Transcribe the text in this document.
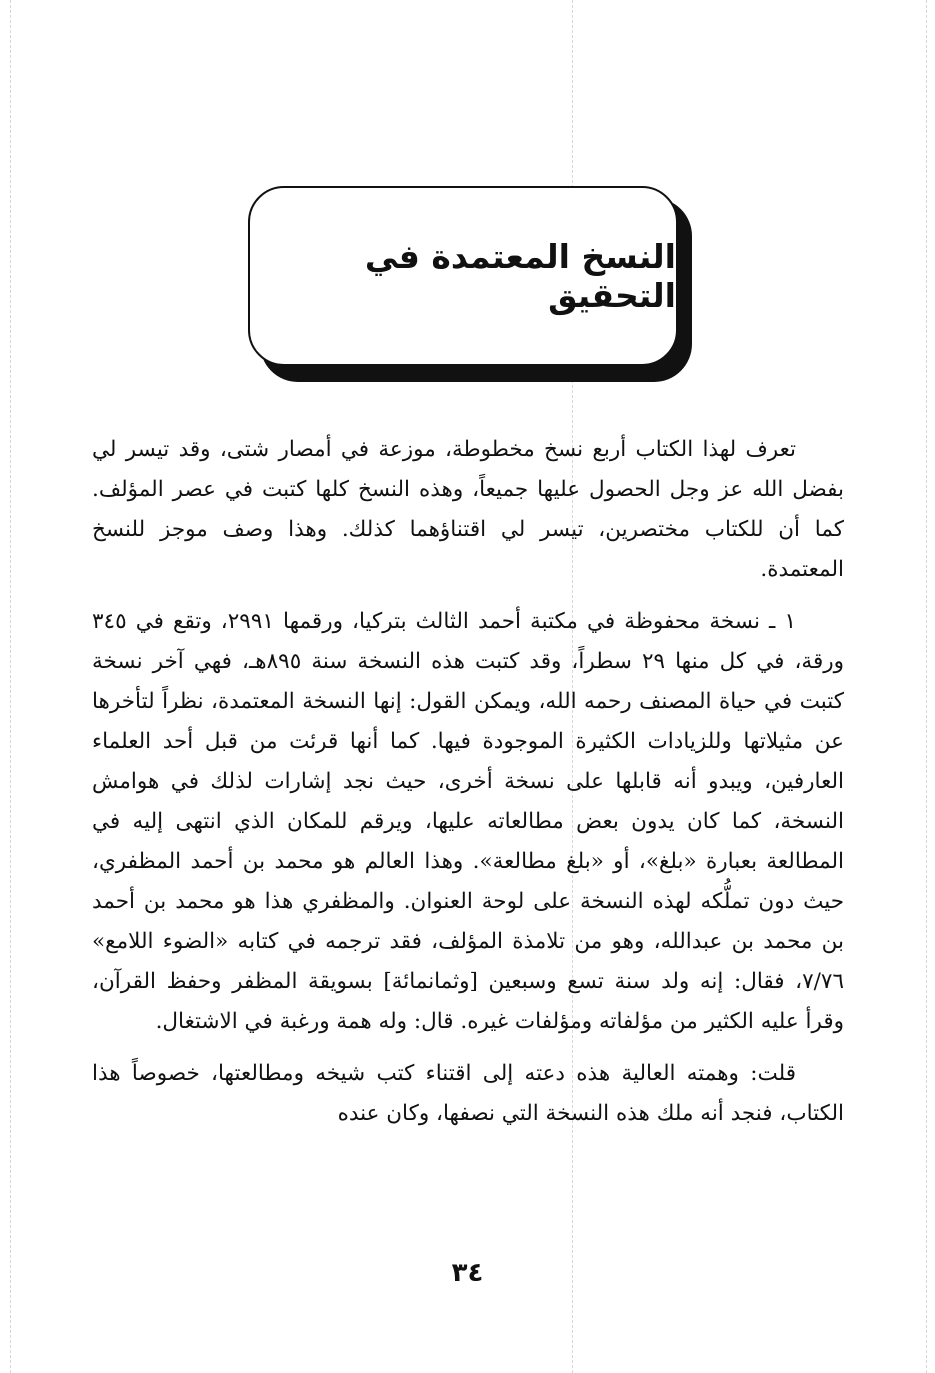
النسخ المعتمدة في التحقيق

تعرف لهذا الكتاب أربع نسخ مخطوطة، موزعة في أمصار شتى، وقد تيسر لي بفضل الله عز وجل الحصول عليها جميعاً، وهذه النسخ كلها كتبت في عصر المؤلف. كما أن للكتاب مختصرين، تيسر لي اقتناؤهما كذلك. وهذا وصف موجز للنسخ المعتمدة.

١ ـ نسخة محفوظة في مكتبة أحمد الثالث بتركيا، ورقمها ٢٩٩١، وتقع في ٣٤٥ ورقة، في كل منها ٢٩ سطراً، وقد كتبت هذه النسخة سنة ٨٩٥هـ، فهي آخر نسخة كتبت في حياة المصنف رحمه الله، ويمكن القول: إنها النسخة المعتمدة، نظراً لتأخرها عن مثيلاتها وللزيادات الكثيرة الموجودة فيها. كما أنها قرئت من قبل أحد العلماء العارفين، ويبدو أنه قابلها على نسخة أخرى، حيث نجد إشارات لذلك في هوامش النسخة، كما كان يدون بعض مطالعاته عليها، ويرقم للمكان الذي انتهى إليه في المطالعة بعبارة «بلغ»، أو «بلغ مطالعة». وهذا العالم هو محمد بن أحمد المظفري، حيث دون تملُّكه لهذه النسخة على لوحة العنوان. والمظفري هذا هو محمد بن أحمد بن محمد بن عبدالله، وهو من تلامذة المؤلف، فقد ترجمه في كتابه «الضوء اللامع» ٧/٧٦، فقال: إنه ولد سنة تسع وسبعين [وثمانمائة] بسويقة المظفر وحفظ القرآن، وقرأ عليه الكثير من مؤلفاته ومؤلفات غيره. قال: وله همة ورغبة في الاشتغال.

قلت: وهمته العالية هذه دعته إلى اقتناء كتب شيخه ومطالعتها، خصوصاً هذا الكتاب، فنجد أنه ملك هذه النسخة التي نصفها، وكان عنده

٣٤
